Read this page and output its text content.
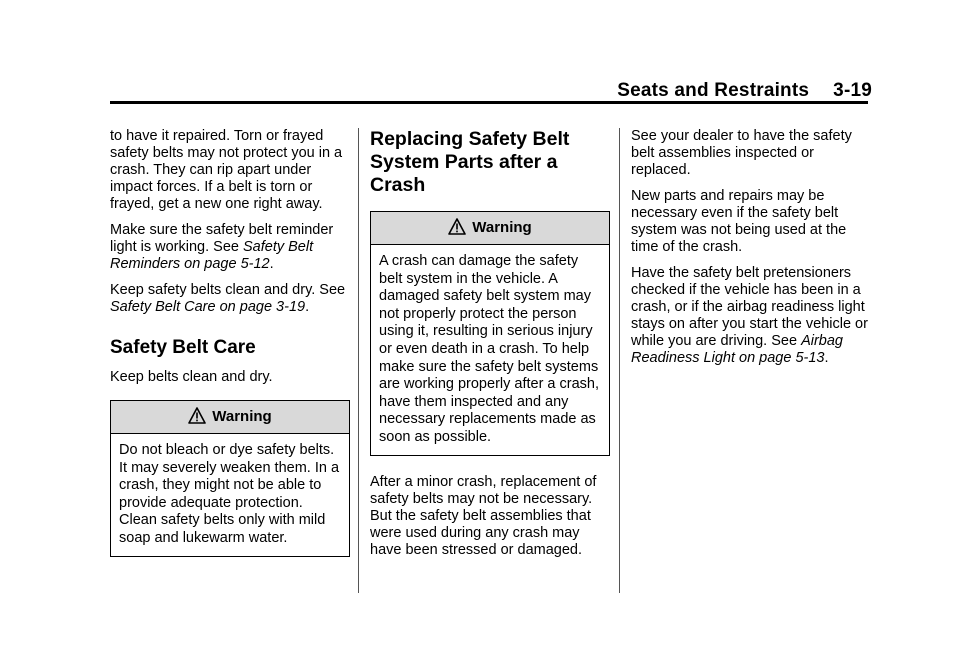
Seats and Restraints 3-19

to have it repaired. Torn or frayed safety belts may not protect you in a crash. They can rip apart under impact forces. If a belt is torn or frayed, get a new one right away.

Make sure the safety belt reminder light is working. See Safety Belt Reminders on page 5-12.

Keep safety belts clean and dry. See Safety Belt Care on page 3-19.

Safety Belt Care

Keep belts clean and dry.

Warning
Do not bleach or dye safety belts. It may severely weaken them. In a crash, they might not be able to provide adequate protection. Clean safety belts only with mild soap and lukewarm water.
Replacing Safety Belt System Parts after a Crash
Warning
A crash can damage the safety belt system in the vehicle. A damaged safety belt system may not properly protect the person using it, resulting in serious injury or even death in a crash. To help make sure the safety belt systems are working properly after a crash, have them inspected and any necessary replacements made as soon as possible.

After a minor crash, replacement of safety belts may not be necessary. But the safety belt assemblies that were used during any crash may have been stressed or damaged.

See your dealer to have the safety belt assemblies inspected or replaced.

New parts and repairs may be necessary even if the safety belt system was not being used at the time of the crash.

Have the safety belt pretensioners checked if the vehicle has been in a crash, or if the airbag readiness light stays on after you start the vehicle or while you are driving. See Airbag Readiness Light on page 5-13.
